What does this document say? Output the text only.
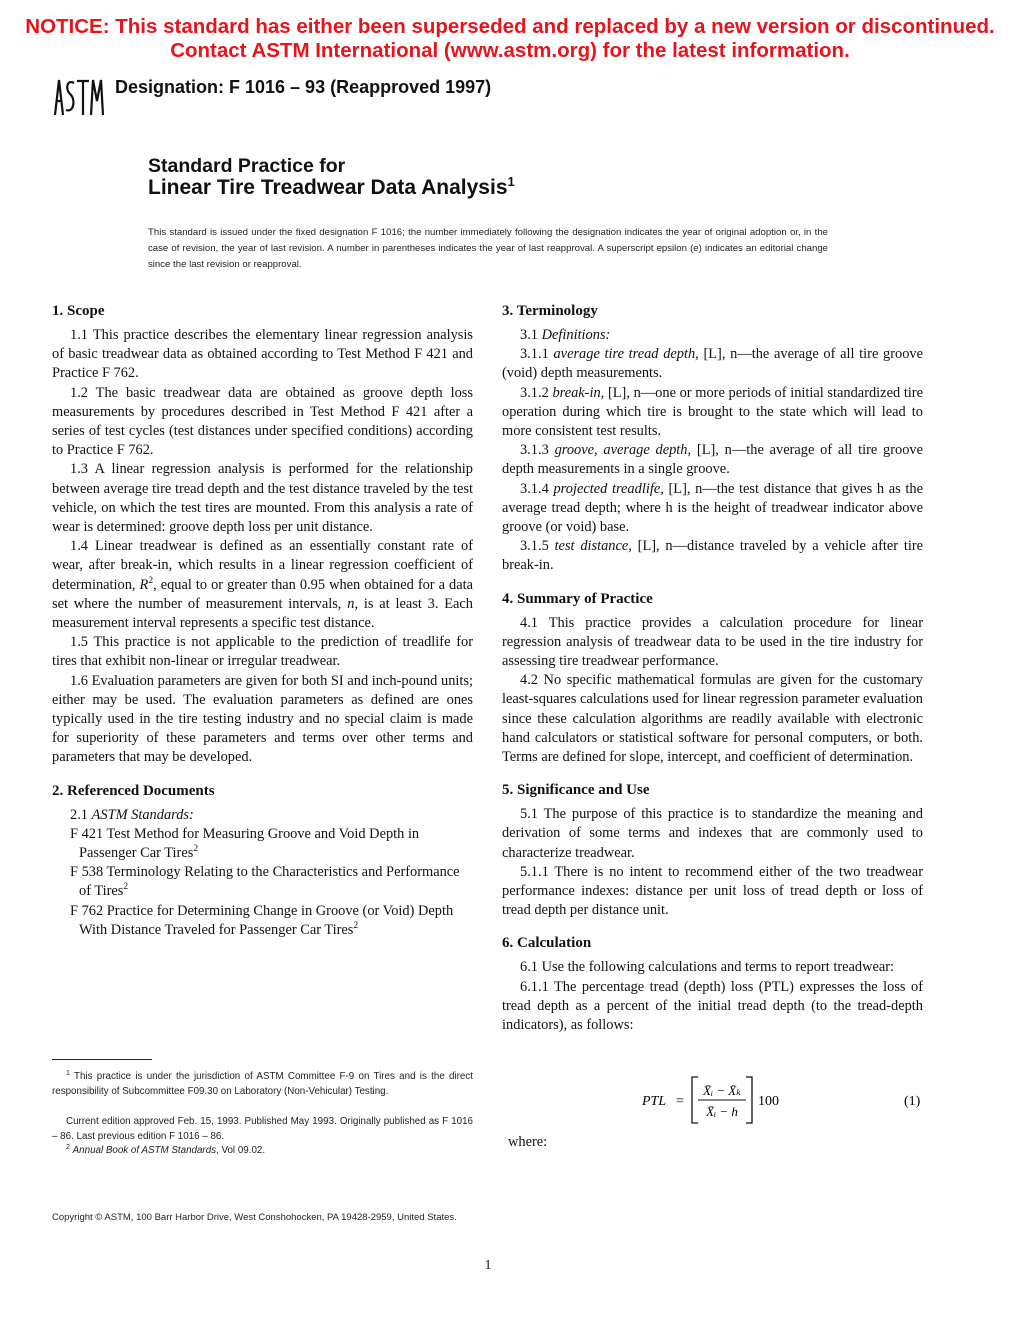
NOTICE: This standard has either been superseded and replaced by a new version or discontinued.
Contact ASTM International (www.astm.org) for the latest information.
ASTM
Designation: F 1016 – 93 (Reapproved 1997)
Standard Practice for
Linear Tire Treadwear Data Analysis$^1$
This standard is issued under the fixed designation F 1016; the number immediately following the designation indicates the year of original adoption or, in the case of revision, the year of last revision. A number in parentheses indicates the year of last reapproval. A superscript epsilon (e) indicates an editorial change since the last revision or reapproval.
1. Scope

1.1 This practice describes the elementary linear regression analysis of basic treadwear data as obtained according to Test Method F 421 and Practice F 762.

1.2 The basic treadwear data are obtained as groove depth loss measurements by procedures described in Test Method F 421 after a series of test cycles (test distances under specified conditions) according to Practice F 762.

1.3 A linear regression analysis is performed for the relationship between average tire tread depth and the test distance traveled by the test vehicle, on which the test tires are mounted. From this analysis a rate of wear is determined: groove depth loss per unit distance.

1.4 Linear treadwear is defined as an essentially constant rate of wear, after break-in, which results in a linear regression coefficient of determination, $R^2$, equal to or greater than 0.95 when obtained for a data set where the number of measurement intervals, n, is at least 3. Each measurement interval represents a specific test distance.

1.5 This practice is not applicable to the prediction of treadlife for tires that exhibit non-linear or irregular treadwear.

1.6 Evaluation parameters are given for both SI and inch-pound units; either may be used. The evaluation parameters as defined are ones typically used in the tire testing industry and no special claim is made for superiority of these parameters and terms over other terms and parameters that may be developed.

2. Referenced Documents

2.1 ASTM Standards:

F 421 Test Method for Measuring Groove and Void Depth in Passenger Car Tires$^2$

F 538 Terminology Relating to the Characteristics and Performance of Tires$^2$

F 762 Practice for Determining Change in Groove (or Void) Depth With Distance Traveled for Passenger Car Tires$^2$

$^1$ This practice is under the jurisdiction of ASTM Committee F-9 on Tires and is the direct responsibility of Subcommittee F09.30 on Laboratory (Non-Vehicular) Testing.
Current edition approved Feb. 15, 1993. Published May 1993. Originally published as F 1016 – 86. Last previous edition F 1016 – 86.
$^2$ Annual Book of ASTM Standards, Vol 09.02.
3. Terminology

3.1 Definitions:

3.1.1 average tire tread depth, [L], n—the average of all tire groove (void) depth measurements.

3.1.2 break-in, [L], n—one or more periods of initial standardized tire operation during which tire is brought to the state which will lead to more consistent test results.

3.1.3 groove, average depth, [L], n—the average of all tire groove depth measurements in a single groove.

3.1.4 projected treadlife, [L], n—the test distance that gives h as the average tread depth; where h is the height of treadwear indicator above groove (or void) base.

3.1.5 test distance, [L], n—distance traveled by a vehicle after tire break-in.

4. Summary of Practice

4.1 This practice provides a calculation procedure for linear regression analysis of treadwear data to be used in the tire industry for assessing tire treadwear performance.

4.2 No specific mathematical formulas are given for the customary least-squares calculations used for linear regression parameter evaluation since these calculation algorithms are readily available with electronic hand calculators or statistical software for personal computers, or both. Terms are defined for slope, intercept, and coefficient of determination.

5. Significance and Use

5.1 The purpose of this practice is to standardize the meaning and derivation of some terms and indexes that are commonly used to characterize treadwear.

5.1.1 There is no intent to recommend either of the two treadwear performance indexes: distance per unit loss of tread depth or loss of tread depth per distance unit.

6. Calculation

6.1 Use the following calculations and terms to report treadwear:

6.1.1 The percentage tread (depth) loss (PTL) expresses the loss of tread depth as a percent of the initial tread depth (to the tread-depth indicators), as follows:

PTL =
X̄ᵢ − X̄ₖ
X̄ᵢ − h
100	(1)
where:
Copyright © ASTM, 100 Barr Harbor Drive, West Conshohocken, PA 19428-2959, United States.
1
